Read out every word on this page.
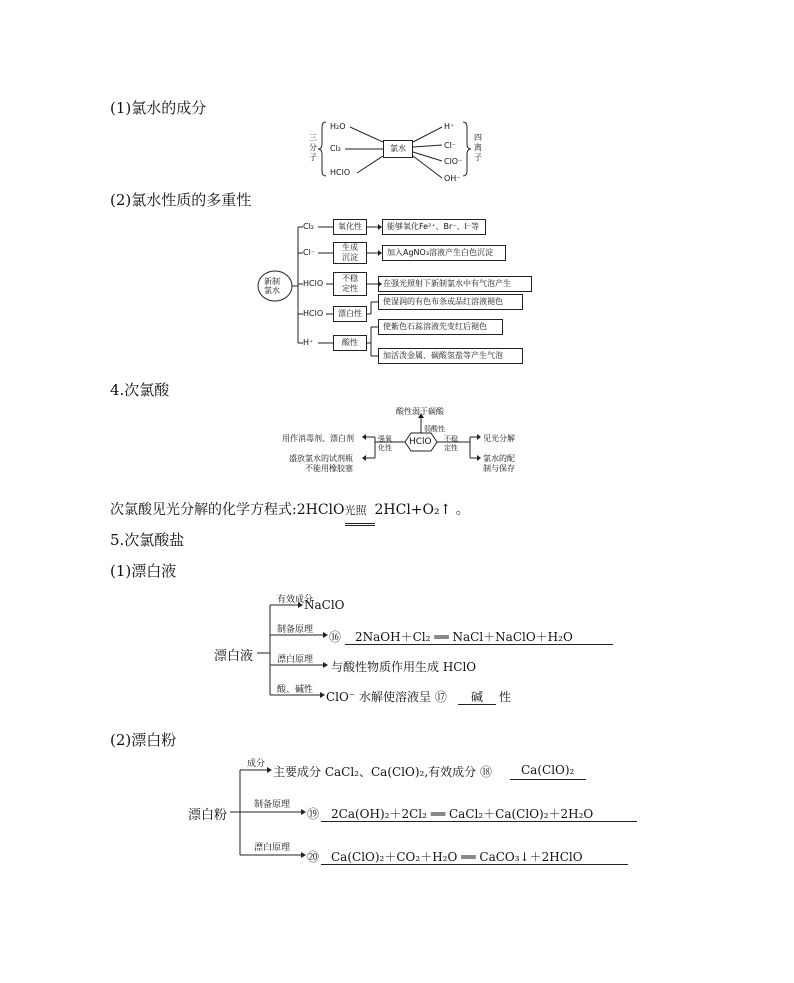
(1)氯水的成分
三
分
子
H₂O
Cl₂
HClO
氯水
H⁺
Cl⁻
ClO⁻
OH⁻
四
离
子
(2)氯水性质的多重性
新制
氯水
Cl₂
Cl⁻
HClO
HClO
H⁺
氧化性
生成
沉淀
不稳
定性
漂白性
酸性
能够氧化Fe²⁺、Br⁻、I⁻等
加入AgNO₃溶液产生白色沉淀
在强光照射下新制氯水中有气泡产生
使湿润的有色布条或品红溶液褪色
使紫色石蕊溶液先变红后褪色
加活泼金属、碳酸氢盐等产生气泡
4.次氯酸
酸性弱于碳酸
弱酸性
HClO
强氧
化性
不稳
定性
用作消毒剂、漂白剂
盛放氯水的试剂瓶
不能用橡胶塞
见光分解
氯水的配
制与保存
次氯酸见光分解的化学方程式:2HClO 光照 2HCl+O₂↑ 。
5.次氯酸盐
(1)漂白液
漂白液
有效成分
NaClO
制备原理 ⑯ 2NaOH＋Cl₂ ══ NaCl＋NaClO＋H₂O
漂白原理 与酸性物质作用生成 HClO
酸、碱性 ClO⁻ 水解使溶液呈 ⑰ 碱 性
(2)漂白粉
漂白粉
成分
主要成分 CaCl₂、Ca(ClO)₂,有效成分 ⑱ Ca(ClO)₂
制备原理
⑲ 2Ca(OH)₂＋2Cl₂ ══ CaCl₂＋Ca(ClO)₂＋2H₂O
漂白原理
⑳ Ca(ClO)₂＋CO₂＋H₂O ══ CaCO₃↓＋2HClO
